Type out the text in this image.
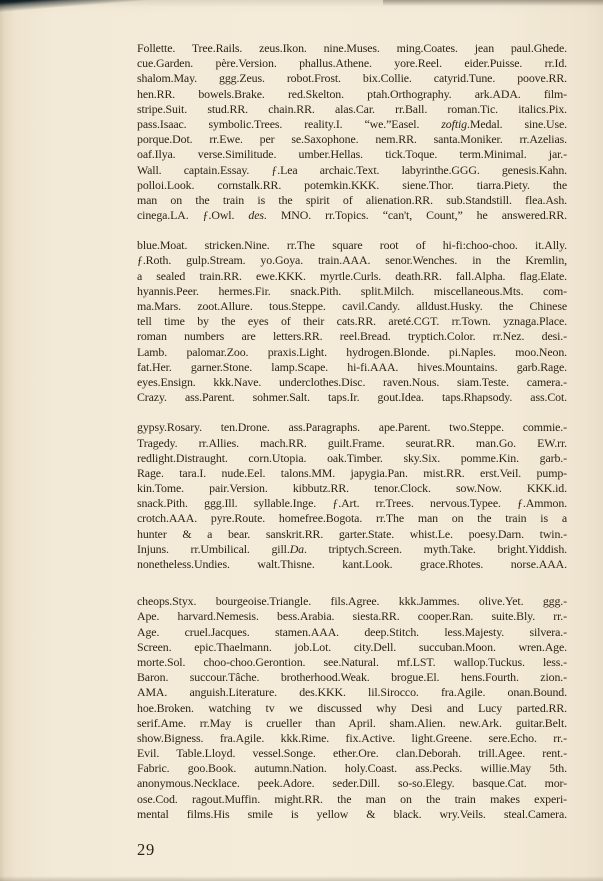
Follette. Tree.Rails. zeus.Ikon. nine.Muses. ming.Coates. jean paul.Ghede.
cue.Garden. père.Version. phallus.Athene. yore.Reel. eider.Puisse. rr.Id.
shalom.May. ggg.Zeus. robot.Frost. bix.Collie. catyrid.Tune. poove.RR.
hen.RR. bowels.Brake. red.Skelton. ptah.Orthography. ark.ADA. film-
stripe.Suit. stud.RR. chain.RR. alas.Car. rr.Ball. roman.Tic. italics.Pix.
pass.Isaac. symbolic.Trees. reality.I. “we.”Easel. zoftig.Medal. sine.Use.
porque.Dot. rr.Ewe. per se.Saxophone. nem.RR. santa.Moniker. rr.Azelias.
oaf.Ilya. verse.Similitude. umber.Hellas. tick.Toque. term.Minimal. jar.-
Wall. captain.Essay. ƒ.Lea archaic.Text. labyrinthe.GGG. genesis.Kahn.
polloi.Look. cornstalk.RR. potemkin.KKK. siene.Thor. tiarra.Piety. the
man on the train is the spirit of alienation.RR. sub.Standstill. flea.Ash.
cinega.LA. ƒ.Owl. des. MNO. rr.Topics. “can't, Count,” he answered.RR.
blue.Moat. stricken.Nine. rr.The square root of hi-fi:choo-choo. it.Ally.
ƒ.Roth. gulp.Stream. yo.Goya. train.AAA. senor.Wenches. in the Kremlin,
a sealed train.RR. ewe.KKK. myrtle.Curls. death.RR. fall.Alpha. flag.Elate.
hyannis.Peer. hermes.Fir. snack.Pith. split.Milch. miscellaneous.Mts. com-
ma.Mars. zoot.Allure. tous.Steppe. cavil.Candy. alldust.Husky. the Chinese
tell time by the eyes of their cats.RR. areté.CGT. rr.Town. yznaga.Place.
roman numbers are letters.RR. reel.Bread. tryptich.Color. rr.Nez. desi.-
Lamb. palomar.Zoo. praxis.Light. hydrogen.Blonde. pi.Naples. moo.Neon.
fat.Her. garner.Stone. lamp.Scape. hi-fi.AAA. hives.Mountains. garb.Rage.
eyes.Ensign. kkk.Nave. underclothes.Disc. raven.Nous. siam.Teste. camera.-
Crazy. ass.Parent. sohmer.Salt. taps.Ir. gout.Idea. taps.Rhapsody. ass.Cot.
gypsy.Rosary. ten.Drone. ass.Paragraphs. ape.Parent. two.Steppe. commie.-
Tragedy. rr.Allies. mach.RR. guilt.Frame. seurat.RR. man.Go. EW.rr.
redlight.Distraught. corn.Utopia. oak.Timber. sky.Six. pomme.Kin. garb.-
Rage. tara.I. nude.Eel. talons.MM. japygia.Pan. mist.RR. erst.Veil. pump-
kin.Tome. pair.Version. kibbutz.RR. tenor.Clock. sow.Now. KKK.id.
snack.Pith. ggg.Ill. syllable.Inge. ƒ.Art. rr.Trees. nervous.Typee. ƒ.Ammon.
crotch.AAA. pyre.Route. homefree.Bogota. rr.The man on the train is a
hunter & a bear. sanskrit.RR. garter.State. whist.Le. poesy.Darn. twin.-
Injuns. rr.Umbilical. gill.Da. triptych.Screen. myth.Take. bright.Yiddish.
nonetheless.Undies. walt.Thisne. kant.Look. grace.Rhotes. norse.AAA.
cheops.Styx. bourgeoise.Triangle. fils.Agree. kkk.Jammes. olive.Yet. ggg.-
Ape. harvard.Nemesis. bess.Arabia. siesta.RR. cooper.Ran. suite.Bly. rr.-
Age. cruel.Jacques. stamen.AAA. deep.Stitch. less.Majesty. silvera.-
Screen. epic.Thaelmann. job.Lot. city.Dell. succuban.Moon. wren.Age.
morte.Sol. choo-choo.Gerontion. see.Natural. mf.LST. wallop.Tuckus. less.-
Baron. succour.Tâche. brotherhood.Weak. brogue.El. hens.Fourth. zion.-
AMA. anguish.Literature. des.KKK. lil.Sirocco. fra.Agile. onan.Bound.
hoe.Broken. watching tv we discussed why Desi and Lucy parted.RR.
serif.Ame. rr.May is crueller than April. sham.Alien. new.Ark. guitar.Belt.
show.Bigness. fra.Agile. kkk.Rime. fix.Active. light.Greene. sere.Echo. rr.-
Evil. Table.Lloyd. vessel.Songe. ether.Ore. clan.Deborah. trill.Agee. rent.-
Fabric. goo.Book. autumn.Nation. holy.Coast. ass.Pecks. willie.May 5th.
anonymous.Necklace. peek.Adore. seder.Dill. so-so.Elegy. basque.Cat. mor-
ose.Cod. ragout.Muffin. might.RR. the man on the train makes experi-
mental films.His smile is yellow & black. wry.Veils. steal.Camera.
29
